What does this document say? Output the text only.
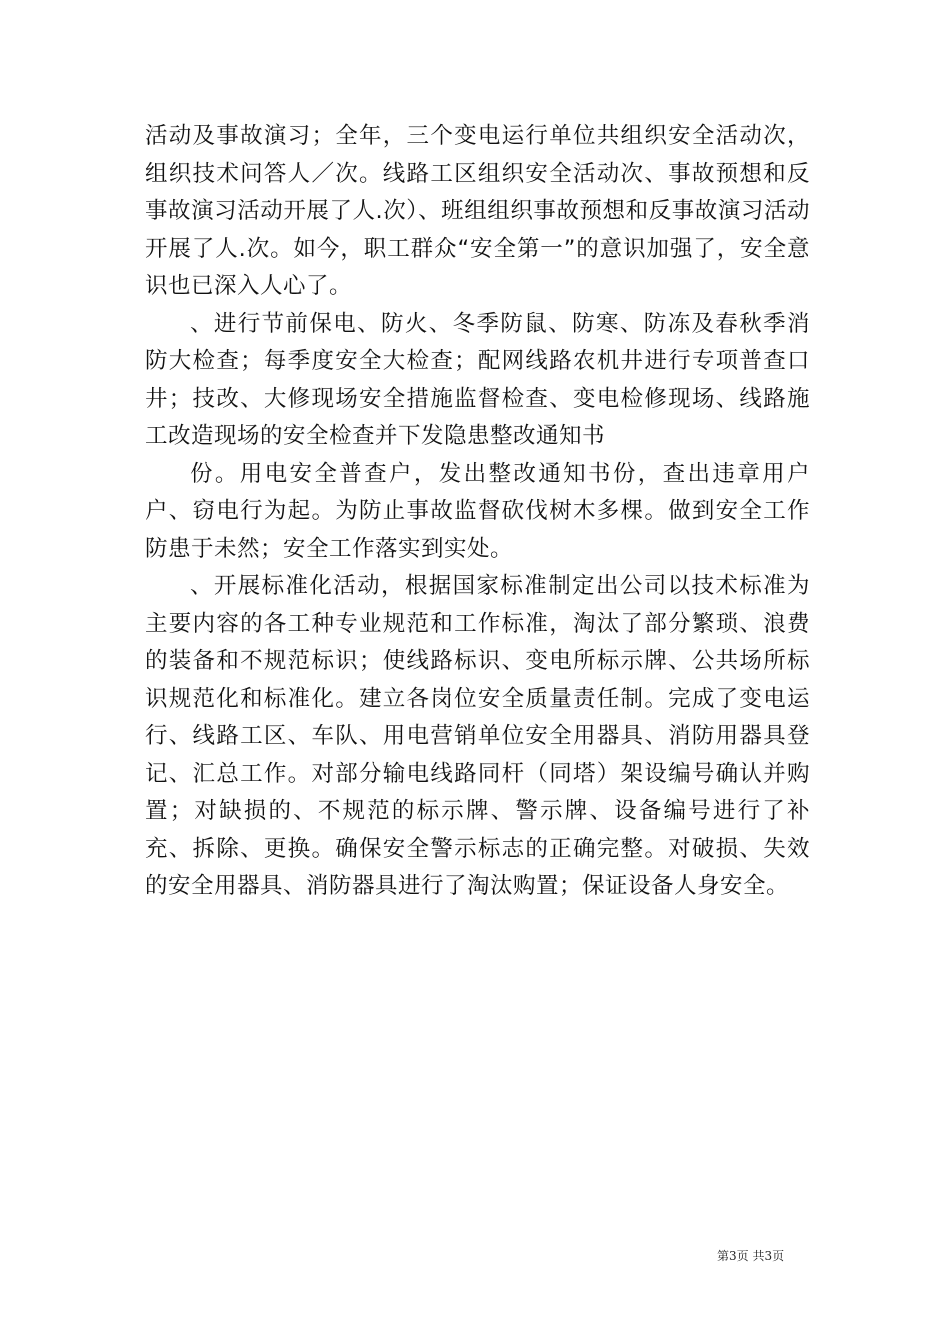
活动及事故演习；全年，三个变电运行单位共组织安全活动次，组织技术问答人／次。线路工区组织安全活动次、事故预想和反事故演习活动开展了人.次）、班组组织事故预想和反事故演习活动开展了人.次。如今，职工群众“安全第一”的意识加强了，安全意识也已深入人心了。

、进行节前保电、防火、冬季防鼠、防寒、防冻及春秋季消防大检查；每季度安全大检查；配网线路农机井进行专项普查口井；技改、大修现场安全措施监督检查、变电检修现场、线路施工改造现场的安全检查并下发隐患整改通知书

份。用电安全普查户，发出整改通知书份，查出违章用户户、窃电行为起。为防止事故监督砍伐树木多棵。做到安全工作防患于未然；安全工作落实到实处。

、开展标准化活动，根据国家标准制定出公司以技术标准为主要内容的各工种专业规范和工作标准，淘汰了部分繁琐、浪费的装备和不规范标识；使线路标识、变电所标示牌、公共场所标识规范化和标准化。建立各岗位安全质量责任制。完成了变电运行、线路工区、车队、用电营销单位安全用器具、消防用器具登记、汇总工作。对部分输电线路同杆（同塔）架设编号确认并购置；对缺损的、不规范的标示牌、警示牌、设备编号进行了补充、拆除、更换。确保安全警示标志的正确完整。对破损、失效的安全用器具、消防器具进行了淘汰购置；保证设备人身安全。

第3页 共3页
